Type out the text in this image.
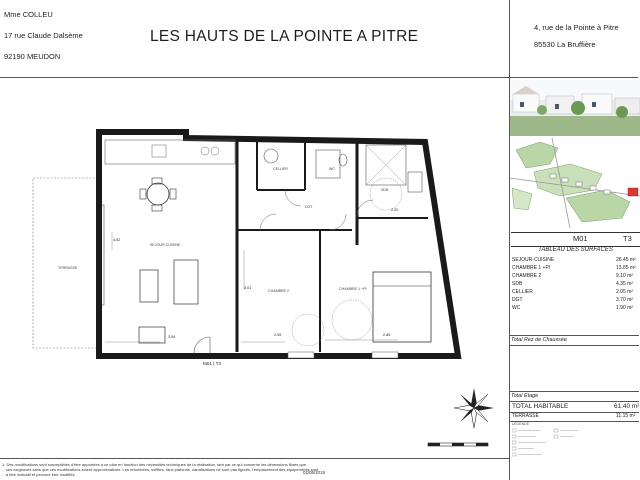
Mme COLLEU
17 rue Claude Dalsème
92190 MEUDON
LES HAUTS DE LA POINTE A PITRE
4, rue de la Pointe à Pitre
85530 La Bruffière
TERRASSE
SEJOUR-CUISINE
CELLIER	WC
SDB
DGT
CHAMBRE 2	CHAMBRE 1 +PI
4.52
3.94
3.01
2.59	2.85
2.20
M01 | T3
M01	T3
TABLEAU DES SURFACES
SEJOUR-CUISINE	26.45 m²
CHAMBRE 1 +PI	13.85 m²
CHAMBRE 2	9.10 m²
SDB	4.35 m²
CELLIER	2.05 m²
DGT	3.70 m²
WC	1.90 m²
Total Rez de Chaussée
Total Etage
TOTAL HABITABLE	61.40 m²
TERRASSE	11.15 m²
LEGENDE
1. Des modifications sont susceptibles d'être apportées à ce plan en fonction des nécessités techniques de la réalisation, tant par ce qui concerne les dimensions libres que
…ces exigences sans que ces modifications soient approximatives. Les retombées, soffites, faux plafonds, canalisations ne sont pas figurés, l'emplacement des équipements sont
…à titre indicatif et peuvent être modifiés.	02/05/2019
